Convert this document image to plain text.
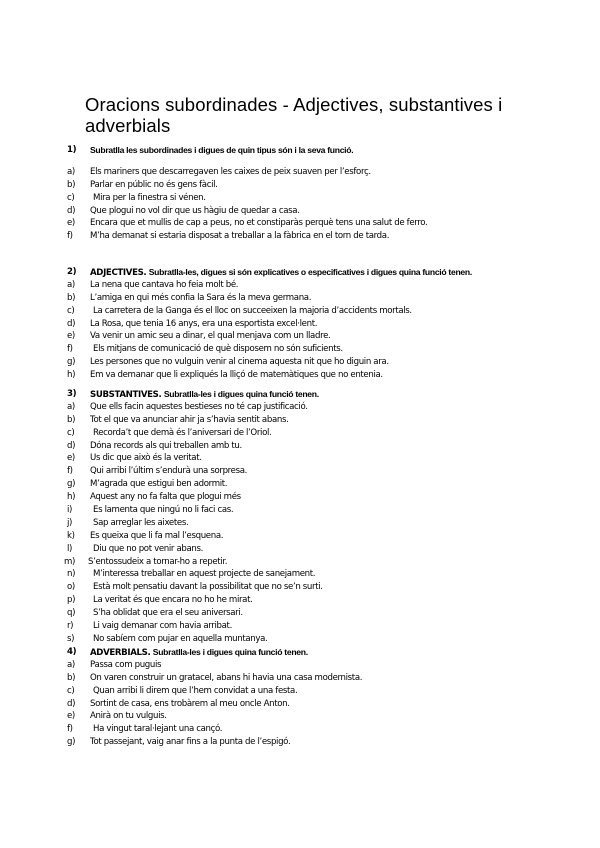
Oracions subordinades - Adjectives, substantives i adverbials
1) Subratlla les subordinades i digues de quin tipus són i la seva funció.
a) Els mariners que descarregaven les caixes de peix suaven per l’esforç.
b) Parlar en públic no és gens fàcil.
c) Mira per la finestra si vénen.
d) Que plogui no vol dir que us hàgiu de quedar a casa.
e) Encara que et mullis de cap a peus, no et constiparàs perquè tens una salut de ferro.
f) M’ha demanat si estaria disposat a treballar a la fàbrica en el torn de tarda.
2) ADJECTIVES. Subratlla-les, digues si són explicatives o especificatives i digues quina funció tenen.
a) La nena que cantava ho feia molt bé.
b) L’amiga en qui més confia la Sara és la meva germana.
c) La carretera de la Ganga és el lloc on succeeixen la majoria d’accidents mortals.
d) La Rosa, que tenia 16 anys, era una esportista excel·lent.
e) Va venir un amic seu a dinar, el qual menjava com un lladre.
f) Els mitjans de comunicació de què disposem no són suficients.
g) Les persones que no vulguin venir al cinema aquesta nit que ho diguin ara.
h) Em va demanar que li expliqués la lliçó de matemàtiques que no entenia.
3) SUBSTANTIVES. Subratlla-les i digues quina funció tenen.
a) Que ells facin aquestes bestieses no té cap justificació.
b) Tot el que va anunciar ahir ja s’havia sentit abans.
c) Recorda’t que demà és l’aniversari de l’Oriol.
d) Dóna records als qui treballen amb tu.
e) Us dic que això és la veritat.
f) Qui arribi l’últim s’endurà una sorpresa.
g) M’agrada que estigui ben adormit.
h) Aquest any no fa falta que plogui més
i) Es lamenta que ningú no li faci cas.
j) Sap arreglar les aixetes.
k) Es queixa que li fa mal l’esquena.
l) Diu que no pot venir abans.
m) S’entossudeix a tornar-ho a repetir.
n) M’interessa treballar en aquest projecte de sanejament.
o) Està molt pensatiu davant la possibilitat que no se’n surti.
p) La veritat és que encara no ho he mirat.
q) S’ha oblidat que era el seu aniversari.
r) Li vaig demanar com havia arribat.
s) No sabíem com pujar en aquella muntanya.
4) ADVERBIALS. Subratlla-les i digues quina funció tenen.
a) Passa com puguis
b) On varen construir un gratacel, abans hi havia una casa modernista.
c) Quan arribi li direm que l’hem convidat a una festa.
d) Sortint de casa, ens trobàrem al meu oncle Anton.
e) Anirà on tu vulguis.
f) Ha vingut taral·lejant una cançó.
g) Tot passejant, vaig anar fins a la punta de l’espigó.
